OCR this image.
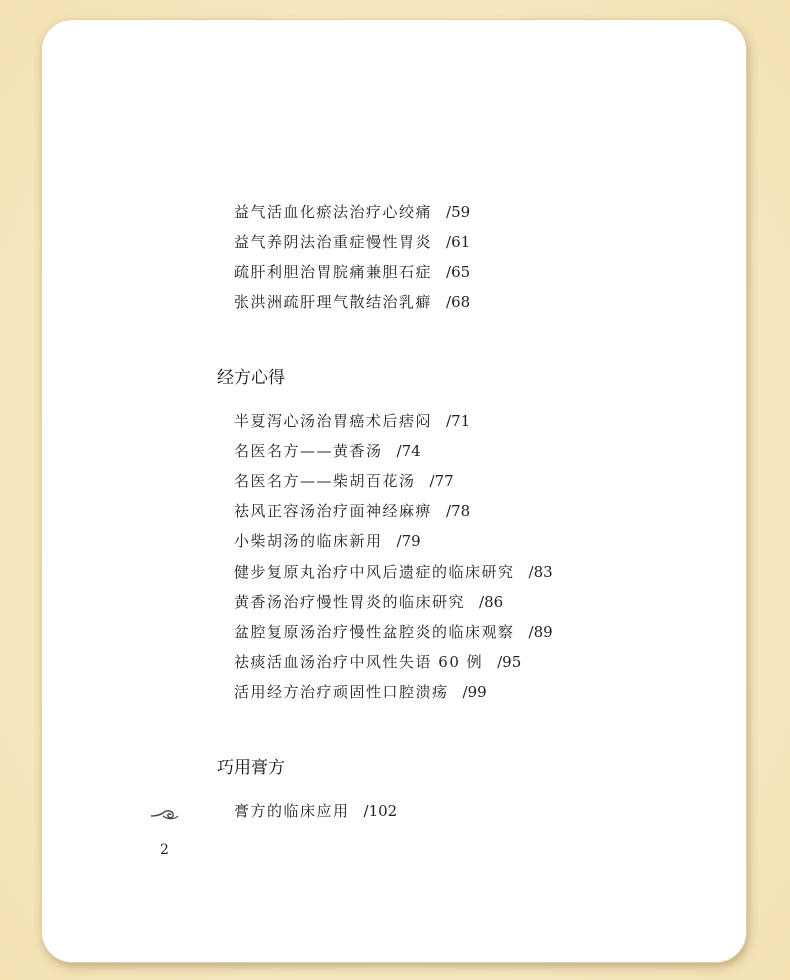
益气活血化瘀法治疗心绞痛 /59
益气养阴法治重症慢性胃炎 /61
疏肝利胆治胃脘痛兼胆石症 /65
张洪洲疏肝理气散结治乳癖 /68
经方心得
半夏泻心汤治胃癌术后痞闷 /71
名医名方——黄香汤 /74
名医名方——柴胡百花汤 /77
祛风正容汤治疗面神经麻痹 /78
小柴胡汤的临床新用 /79
健步复原丸治疗中风后遗症的临床研究 /83
黄香汤治疗慢性胃炎的临床研究 /86
盆腔复原汤治疗慢性盆腔炎的临床观察 /89
祛痰活血汤治疗中风性失语 60 例 /95
活用经方治疗顽固性口腔溃疡 /99
巧用膏方
膏方的临床应用 /102
2
